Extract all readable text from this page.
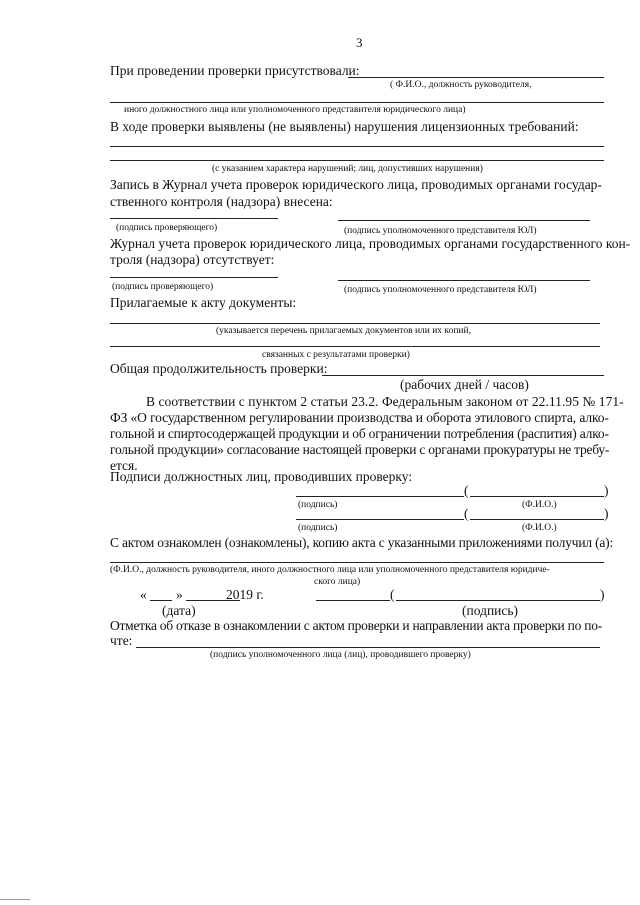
3
При проведении проверки присутствовали:
( Ф.И.О., должность руководителя,
иного должностного лица или уполномоченного представителя юридического лица)
В ходе проверки выявлены (не выявлены) нарушения лицензионных требований:
(с указанием характера нарушений; лиц, допустивших нарушения)
Запись в Журнал учета проверок юридического лица, проводимых органами государ-
ственного контроля (надзора) внесена:
(подпись проверяющего)	(подпись уполномоченного представителя ЮЛ)
Журнал учета проверок юридического лица, проводимых органами государственного кон-
троля (надзора) отсутствует:
(подпись проверяющего)	(подпись уполномоченного представителя ЮЛ)
Прилагаемые к акту документы:
(указывается перечень прилагаемых документов или их копий,
связанных с результатами проверки)
Общая продолжительность проверки:
(рабочих дней / часов)
В соответствии с пунктом 2 статьи 23.2. Федеральным законом от 22.11.95 № 171-
ФЗ «О государственном регулировании производства и оборота этилового спирта, алко-
гольной и спиртосодержащей продукции и об ограничении потребления (распития) алко-
гольной продукции» согласование настоящей проверки с органами прокуратуры не требу-
ется.
Подписи должностных лиц, проводивших проверку:
(	)
(подпись)	(Ф.И.О.)
(	)
(подпись)	(Ф.И.О.)
С актом ознакомлен (ознакомлены), копию акта с указанными приложениями получил (а):
(Ф.И.О., должность руководителя, иного должностного лица или уполномоченного представителя юридиче-
ского лица)
« »	2019 г.	(	)
(дата)	(подпись)
Отметка об отказе в ознакомлении с актом проверки и направлении акта проверки по по-
чте:
(подпись уполномоченного лица (лиц), проводившего проверку)
